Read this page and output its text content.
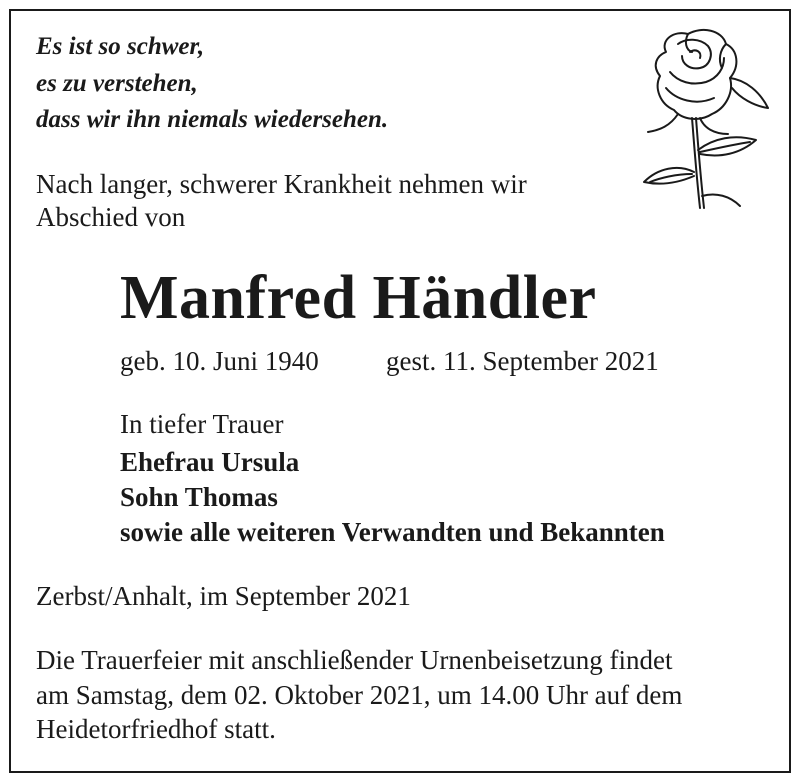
Es ist so schwer,
es zu verstehen,
dass wir ihn niemals wiedersehen.
Nach langer, schwerer Krankheit nehmen wir
Abschied von
Manfred Händler
geb. 10. Juni 1940 gest. 11. September 2021
In tiefer Trauer
Ehefrau Ursula
Sohn Thomas
sowie alle weiteren Verwandten und Bekannten
Zerbst/Anhalt, im September 2021
Die Trauerfeier mit anschließender Urnenbeisetzung findet
am Samstag, dem 02. Oktober 2021, um 14.00 Uhr auf dem
Heidetorfriedhof statt.
